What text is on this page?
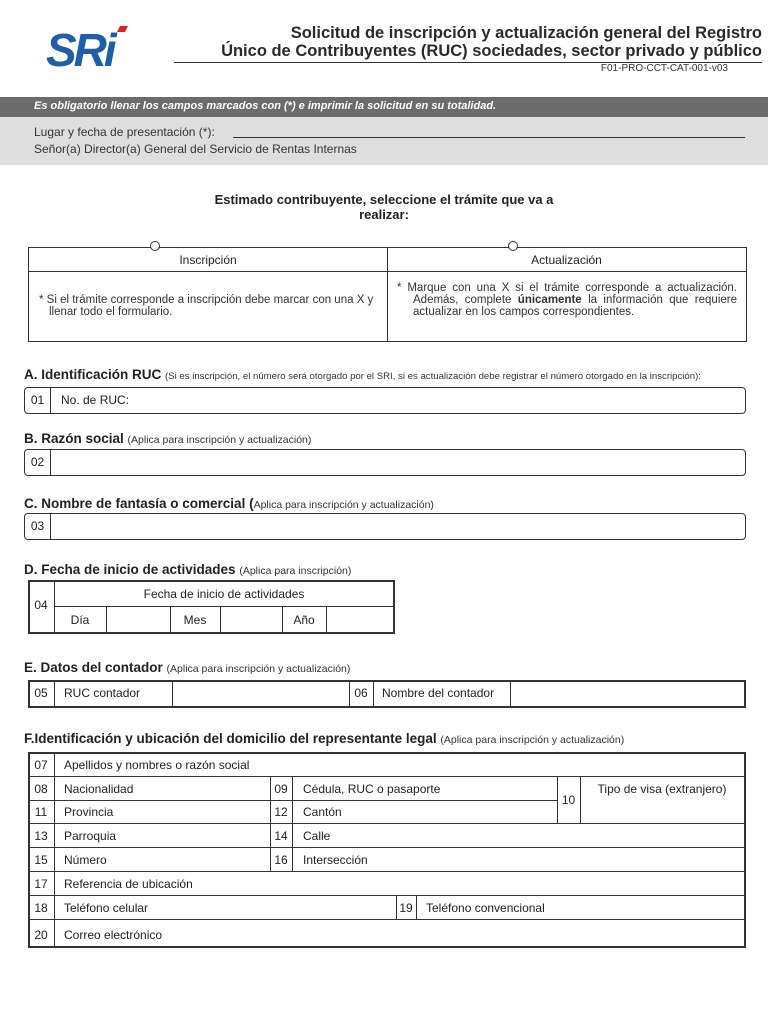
SRi	Solicitud de inscripción y actualización general del Registro
Único de Contribuyentes (RUC) sociedades, sector privado y público
F01-PRO-CCT-CAT-001-v03
Es obligatorio llenar los campos marcados con (*) e imprimir la solicitud en su totalidad.
Lugar y fecha de presentación (*):
Señor(a) Director(a) General del Servicio de Rentas Internas
Estimado contribuyente, seleccione el trámite que va a realizar:
Inscripción	Actualización
* Si el trámite corresponde a inscripción debe marcar con una X y llenar todo el formulario.
* Marque con una X si el trámite corresponde a actualización. Además, complete únicamente la información que requiere actualizar en los campos correspondientes.
A. Identificación RUC (Si es inscripción, el número será otorgado por el SRI, si es actualización debe registrar el número otorgado en la inscripción):
01	No. de RUC:
B. Razón social (Aplica para inscripción y actualización)
02
C. Nombre de fantasía o comercial (Aplica para inscripción y actualización)
03
D. Fecha de inicio de actividades (Aplica para inscripción)
04
Fecha de inicio de actividades
Día	Mes	Año
E. Datos del contador (Aplica para inscripción y actualización)
05	RUC contador	06	Nombre del contador
F.Identificación y ubicación del domicilio del representante legal (Aplica para inscripción y actualización)
07	Apellidos y nombres o razón social
08	Nacionalidad	09	Cédula, RUC o pasaporte
10
Tipo de visa (extranjero)
11	Provincia	12	Cantón
13	Parroquia	14	Calle
15	Número	16	Intersección
17	Referencia de ubicación
18	Teléfono celular	19 Teléfono convencional
20	Correo electrónico
